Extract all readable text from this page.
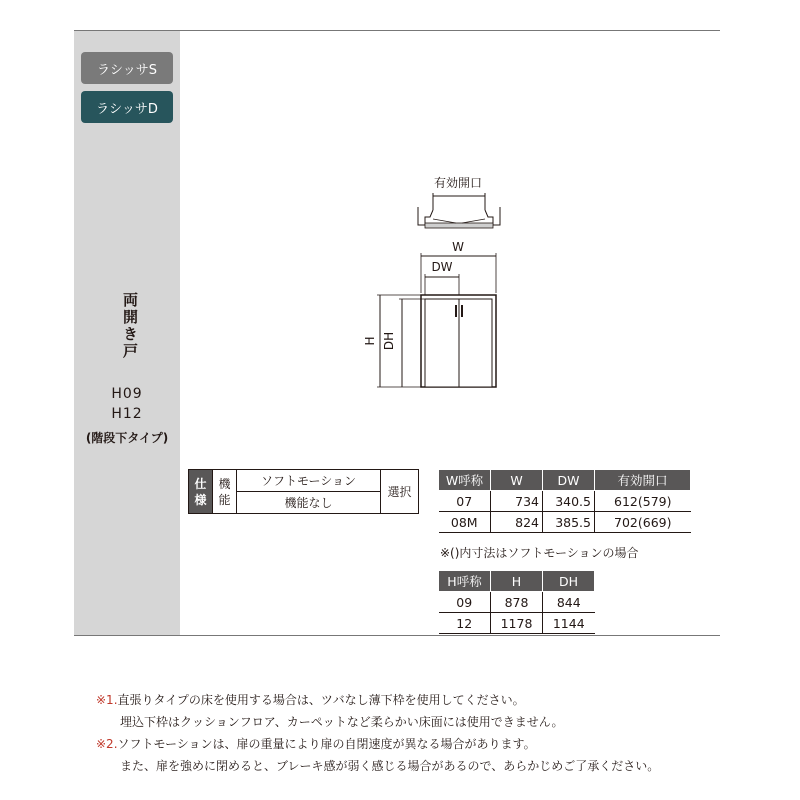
ラシッサS
ラシッサD
両開き戸
H09
H12
(階段下タイプ)
有効開口
W
DW
H DH
仕様	機能	ソフトモーション	選択
機能なし
W呼称	W	DW	有効開口
07	734	340.5	612(579)
08M	824	385.5	702(669)
※()内寸法はソフトモーションの場合
H呼称	H	DH
09	878	844
12	1178	1144
※1.直張りタイプの床を使用する場合は、ツバなし薄下枠を使用してください。
埋込下枠はクッションフロア、カーペットなど柔らかい床面には使用できません。
※2.ソフトモーションは、扉の重量により扉の自閉速度が異なる場合があります。
また、扉を強めに閉めると、ブレーキ感が弱く感じる場合があるので、あらかじめご了承ください。
